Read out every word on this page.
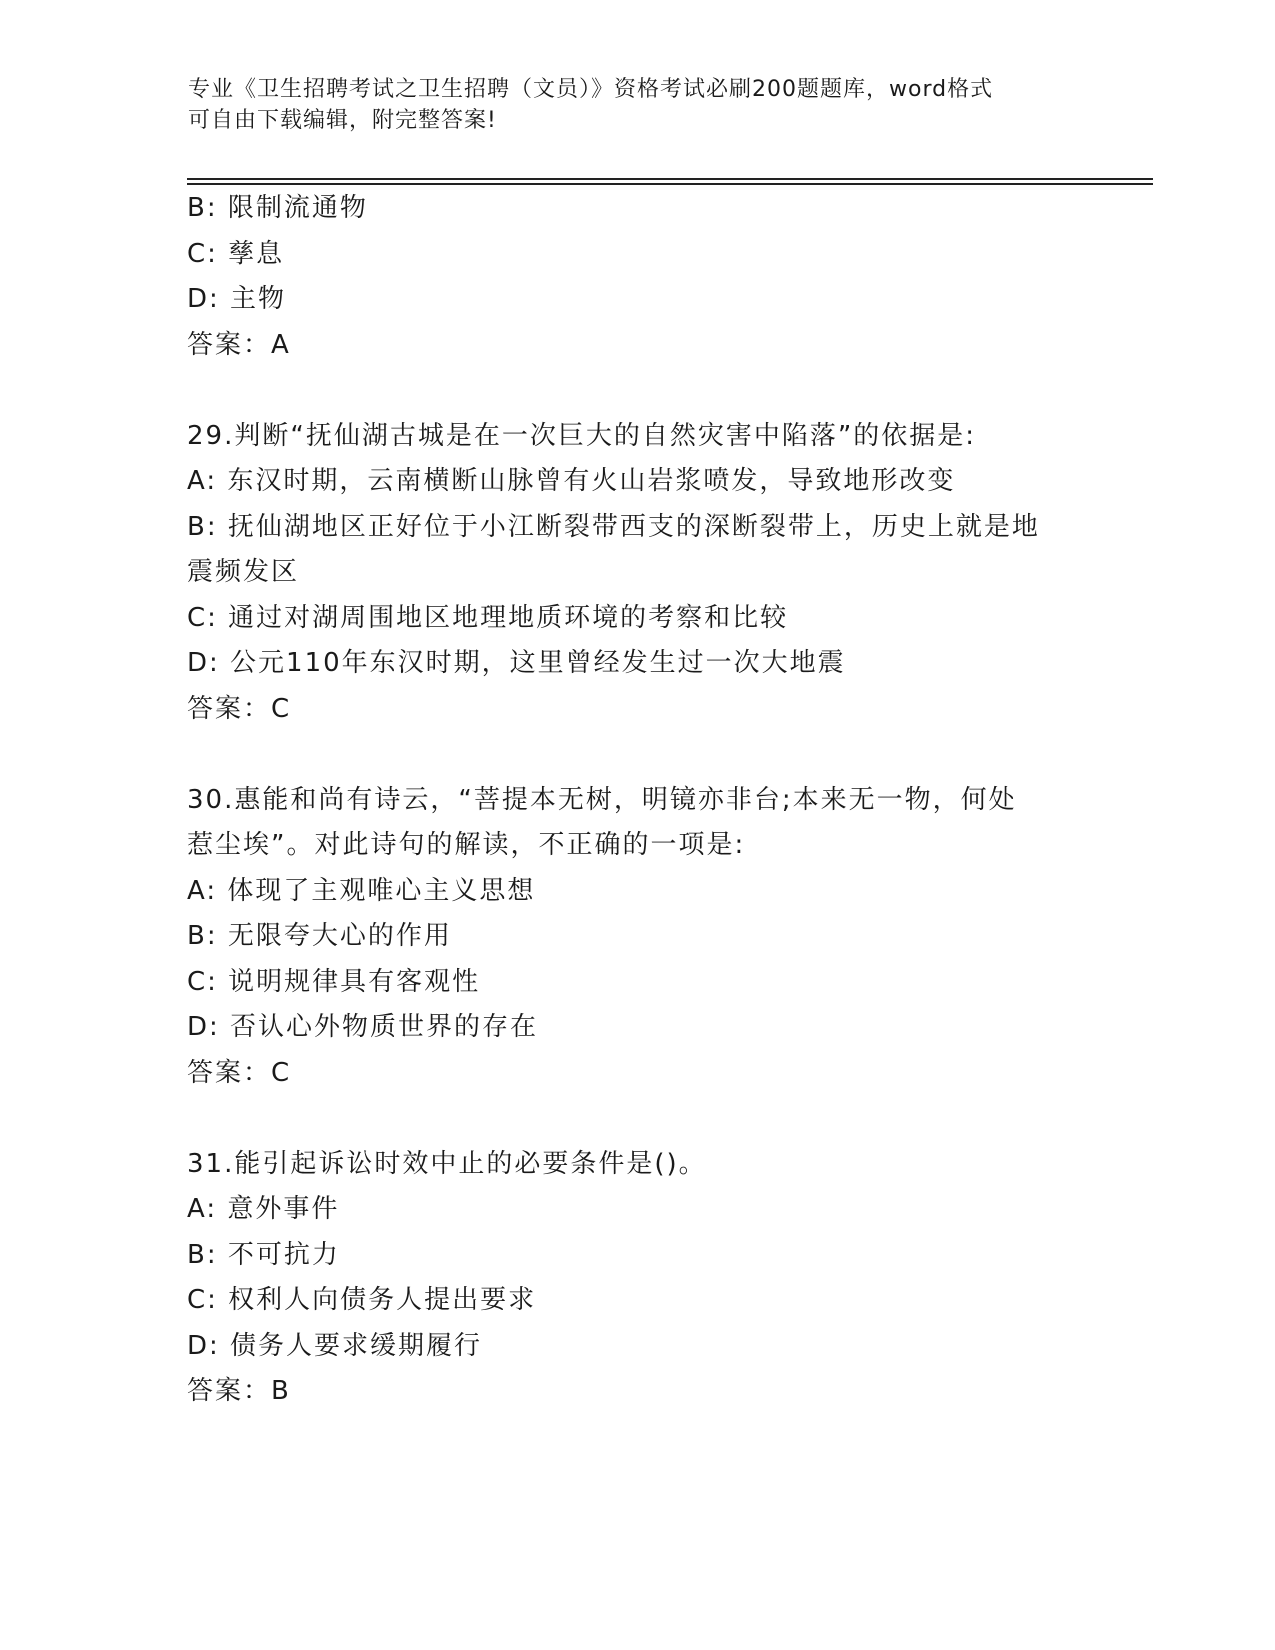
专业《卫生招聘考试之卫生招聘（文员）》资格考试必刷200题题库，word格式
可自由下载编辑，附完整答案!
B: 限制流通物
C: 孳息
D: 主物
答案：A
29.判断“抚仙湖古城是在一次巨大的自然灾害中陷落”的依据是:
A: 东汉时期，云南横断山脉曾有火山岩浆喷发，导致地形改变
B: 抚仙湖地区正好位于小江断裂带西支的深断裂带上，历史上就是地
震频发区
C: 通过对湖周围地区地理地质环境的考察和比较
D: 公元110年东汉时期，这里曾经发生过一次大地震
答案：C
30.惠能和尚有诗云，“菩提本无树，明镜亦非台;本来无一物，何处
惹尘埃”。对此诗句的解读，不正确的一项是:
A: 体现了主观唯心主义思想
B: 无限夸大心的作用
C: 说明规律具有客观性
D: 否认心外物质世界的存在
答案：C
31.能引起诉讼时效中止的必要条件是()。
A: 意外事件
B: 不可抗力
C: 权利人向债务人提出要求
D: 债务人要求缓期履行
答案：B
